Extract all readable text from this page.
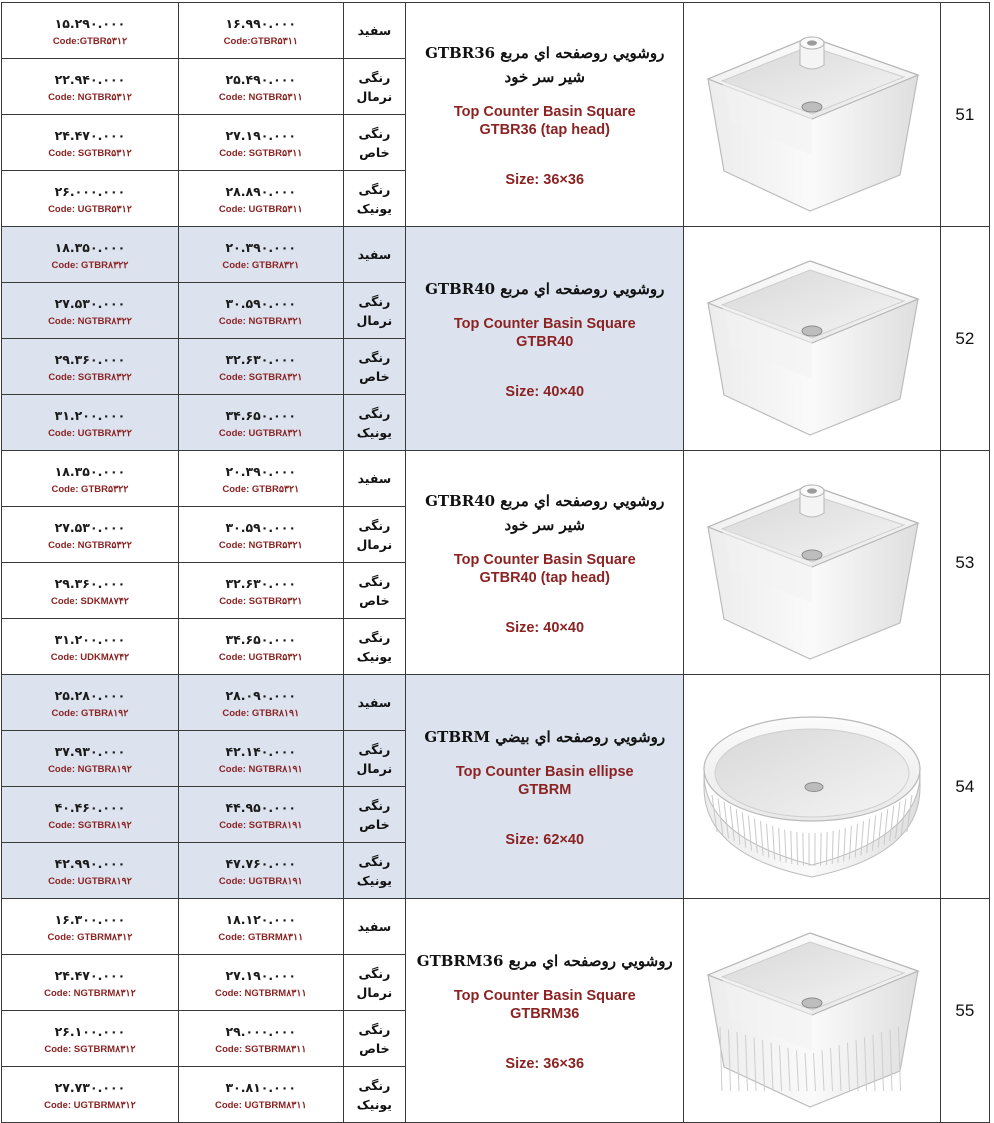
۱۵.۲۹۰.۰۰۰
Code:GTBR۵۳۱۲	۱۶.۹۹۰.۰۰۰
Code:GTBR۵۳۱۱	سفید	روشويي روصفحه اي مربع GTBR36
شير سر خود
Top Counter Basin Square
GTBR36 (tap head)
Size: 36×36		51

۲۲.۹۴۰.۰۰۰
Code: NGTBR۵۳۱۲	۲۵.۴۹۰.۰۰۰
Code: NGTBR۵۳۱۱	رنگی
نرمال			

۲۴.۴۷۰.۰۰۰
Code: SGTBR۵۳۱۲	۲۷.۱۹۰.۰۰۰
Code: SGTBR۵۳۱۱	رنگی
خاص			

۲۶.۰۰۰.۰۰۰
Code: UGTBR۵۳۱۲	۲۸.۸۹۰.۰۰۰
Code: UGTBR۵۳۱۱	رنگی
یونیک			

۱۸.۳۵۰.۰۰۰
Code: GTBR۸۳۲۲	۲۰.۳۹۰.۰۰۰
Code: GTBR۸۳۲۱	سفید	روشويي روصفحه اي مربع GTBR40
Top Counter Basin Square
GTBR40
Size: 40×40		52

۲۷.۵۳۰.۰۰۰
Code: NGTBR۸۳۲۲	۳۰.۵۹۰.۰۰۰
Code: NGTBR۸۳۲۱	رنگی
نرمال			

۲۹.۳۶۰.۰۰۰
Code: SGTBR۸۳۲۲	۳۲.۶۳۰.۰۰۰
Code: SGTBR۸۳۲۱	رنگی
خاص			

۳۱.۲۰۰.۰۰۰
Code: UGTBR۸۳۲۲	۳۴.۶۵۰.۰۰۰
Code: UGTBR۸۳۲۱	رنگی
یونیک			

۱۸.۳۵۰.۰۰۰
Code: GTBR۵۳۲۲	۲۰.۳۹۰.۰۰۰
Code: GTBR۵۳۲۱	سفید	روشويي روصفحه اي مربع GTBR40
شير سر خود
Top Counter Basin Square
GTBR40 (tap head)
Size: 40×40		53

۲۷.۵۳۰.۰۰۰
Code: NGTBR۵۳۲۲	۳۰.۵۹۰.۰۰۰
Code: NGTBR۵۳۲۱	رنگی
نرمال			

۲۹.۳۶۰.۰۰۰
Code: SDKM۸۷۴۲	۳۲.۶۳۰.۰۰۰
Code: SGTBR۵۳۲۱	رنگی
خاص			

۳۱.۲۰۰.۰۰۰
Code: UDKM۸۷۴۲	۳۴.۶۵۰.۰۰۰
Code: UGTBR۵۳۲۱	رنگی
یونیک			

۲۵.۲۸۰.۰۰۰
Code: GTBR۸۱۹۲	۲۸.۰۹۰.۰۰۰
Code: GTBR۸۱۹۱	سفید	روشويي روصفحه اي بيضي GTBRM
Top Counter Basin ellipse
GTBRM
Size: 62×40		54

۳۷.۹۳۰.۰۰۰
Code: NGTBR۸۱۹۲	۴۲.۱۴۰.۰۰۰
Code: NGTBR۸۱۹۱	رنگی
نرمال			

۴۰.۴۶۰.۰۰۰
Code: SGTBR۸۱۹۲	۴۴.۹۵۰.۰۰۰
Code: SGTBR۸۱۹۱	رنگی
خاص			

۴۲.۹۹۰.۰۰۰
Code: UGTBR۸۱۹۲	۴۷.۷۶۰.۰۰۰
Code: UGTBR۸۱۹۱	رنگی
یونیک			

۱۶.۳۰۰.۰۰۰
Code: GTBRM۸۳۱۲	۱۸.۱۲۰.۰۰۰
Code: GTBRM۸۳۱۱	سفید	روشويي روصفحه اي مربع GTBRM36
Top Counter Basin Square
GTBRM36
Size: 36×36		55

۲۴.۴۷۰.۰۰۰
Code: NGTBRM۸۳۱۲	۲۷.۱۹۰.۰۰۰
Code: NGTBRM۸۳۱۱	رنگی
نرمال			

۲۶.۱۰۰.۰۰۰
Code: SGTBRM۸۳۱۲	۲۹.۰۰۰.۰۰۰
Code: SGTBRM۸۳۱۱	رنگی
خاص			

۲۷.۷۳۰.۰۰۰
Code: UGTBRM۸۳۱۲	۳۰.۸۱۰.۰۰۰
Code: UGTBRM۸۳۱۱	رنگی
یونیک			
